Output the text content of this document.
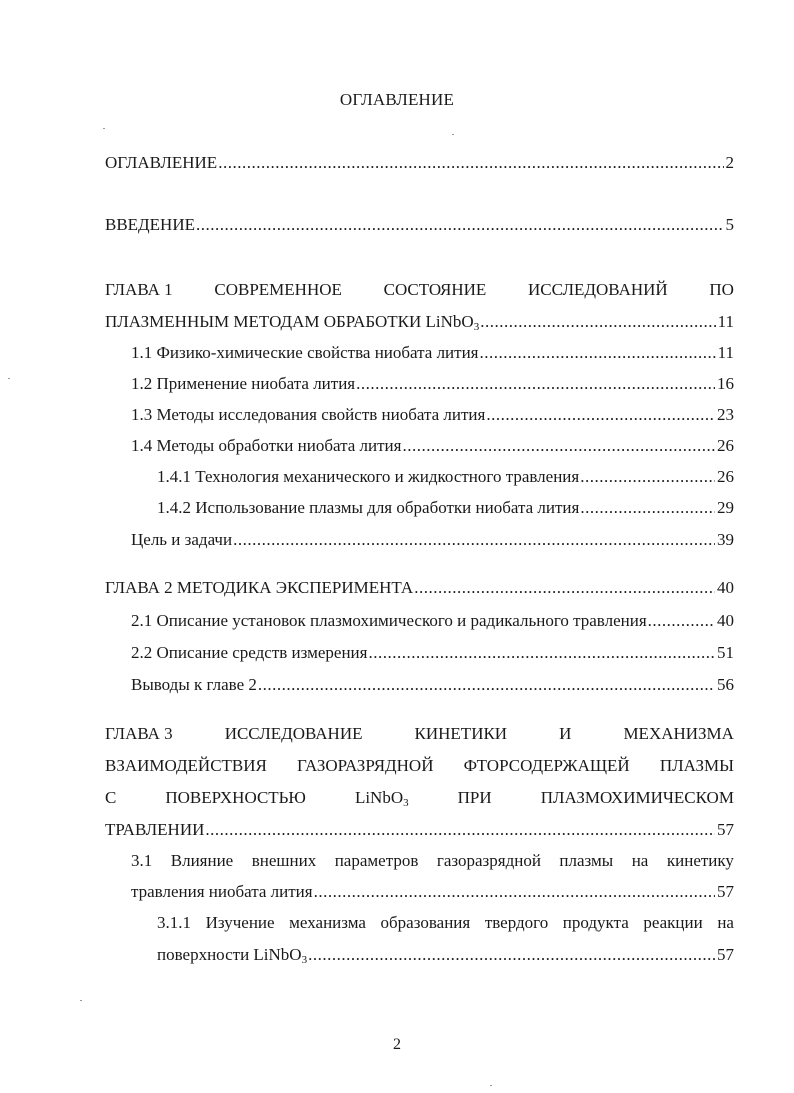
ОГЛАВЛЕНИЕ
ОГЛАВЛЕНИЕ .....	2
ВВЕДЕНИЕ .....	5
ГЛАВА 1 СОВРЕМЕННОЕ СОСТОЯНИЕ ИССЛЕДОВАНИЙ ПО
ПЛАЗМЕННЫМ МЕТОДАМ ОБРАБОТКИ LiNbO$_3$ .....	11
1.1 Физико-химические свойства ниобата лития .....	11
1.2 Применение ниобата лития .....	16
1.3 Методы исследования свойств ниобата лития .....	23
1.4 Методы обработки ниобата лития .....	26
1.4.1 Технология механического и жидкостного травления .....	26
1.4.2 Использование плазмы для обработки ниобата лития .....	29
Цель и задачи .....	39
ГЛАВА 2 МЕТОДИКА ЭКСПЕРИМЕНТА .....	40
2.1 Описание установок плазмохимического и радикального травления .....	40
2.2 Описание средств измерения .....	51
Выводы к главе 2 .....	56
ГЛАВА 3	ИССЛЕДОВАНИЕ	КИНЕТИКИ	И	МЕХАНИЗМА
ВЗАИМОДЕЙСТВИЯ ГАЗОРАЗРЯДНОЙ ФТОРСОДЕРЖАЩЕЙ ПЛАЗМЫ
С	ПОВЕРХНОСТЬЮ	LiNbO$_3$	ПРИ	ПЛАЗМОХИМИЧЕСКОМ
ТРАВЛЕНИИ .....	57
3.1 Влияние внешних параметров газоразрядной плазмы на кинетику
травления ниобата лития .....	57
3.1.1 Изучение механизма образования твердого продукта реакции на
поверхности LiNbO$_3$ .....	57
2
